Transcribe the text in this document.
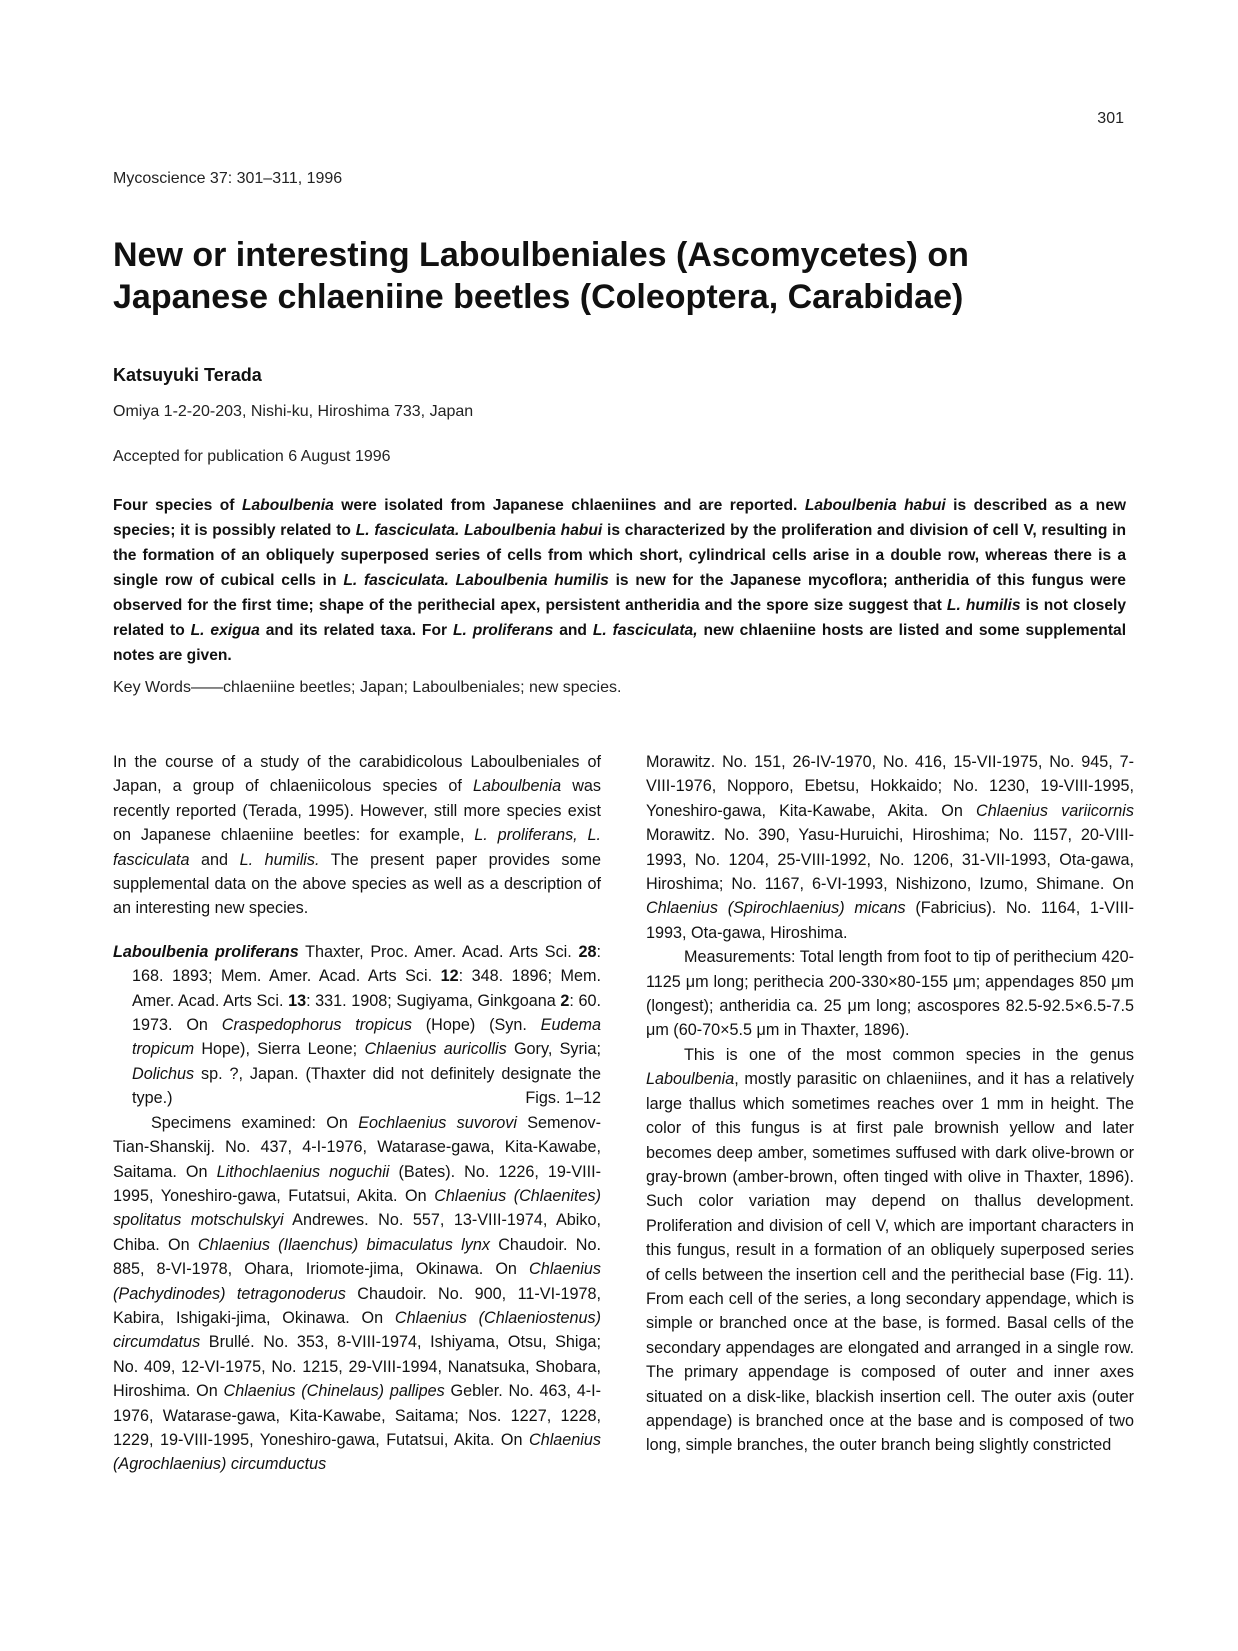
301
Mycoscience 37: 301–311, 1996
New or interesting Laboulbeniales (Ascomycetes) on Japanese chlaeniine beetles (Coleoptera, Carabidae)
Katsuyuki Terada
Omiya 1-2-20-203, Nishi-ku, Hiroshima 733, Japan
Accepted for publication 6 August 1996

Four species of Laboulbenia were isolated from Japanese chlaeniines and are reported. Laboulbenia habui is described as a new species; it is possibly related to L. fasciculata. Laboulbenia habui is characterized by the proliferation and division of cell V, resulting in the formation of an obliquely superposed series of cells from which short, cylindrical cells arise in a double row, whereas there is a single row of cubical cells in L. fasciculata. Laboulbenia humilis is new for the Japanese mycoflora; antheridia of this fungus were observed for the first time; shape of the perithecial apex, persistent antheridia and the spore size suggest that L. humilis is not closely related to L. exigua and its related taxa. For L. proliferans and L. fasciculata, new chlaeniine hosts are listed and some supplemental notes are given.

Key Words——chlaeniine beetles; Japan; Laboulbeniales; new species.

In the course of a study of the carabidicolous Laboulbeniales of Japan, a group of chlaeniicolous species of Laboulbenia was recently reported (Terada, 1995). However, still more species exist on Japanese chlaeniine beetles: for example, L. proliferans, L. fasciculata and L. humilis. The present paper provides some supplemental data on the above species as well as a description of an interesting new species.

Laboulbenia proliferans Thaxter, Proc. Amer. Acad. Arts Sci. 28: 168. 1893; Mem. Amer. Acad. Arts Sci. 12: 348. 1896; Mem. Amer. Acad. Arts Sci. 13: 331. 1908; Sugiyama, Ginkgoana 2: 60. 1973. On Craspedophorus tropicus (Hope) (Syn. Eudema tropicum Hope), Sierra Leone; Chlaenius auricollis Gory, Syria; Dolichus sp. ?, Japan. (Thaxter did not definitely designate the type.)	Figs. 1–12

Specimens examined: On Eochlaenius suvorovi Semenov-Tian-Shanskij. No. 437, 4-I-1976, Watarase-gawa, Kita-Kawabe, Saitama. On Lithochlaenius noguchii (Bates). No. 1226, 19-VIII-1995, Yoneshiro-gawa, Futatsui, Akita. On Chlaenius (Chlaenites) spolitatus motschulskyi Andrewes. No. 557, 13-VIII-1974, Abiko, Chiba. On Chlaenius (Ilaenchus) bimaculatus lynx Chaudoir. No. 885, 8-VI-1978, Ohara, Iriomote-jima, Okinawa. On Chlaenius (Pachydinodes) tetragonoderus Chaudoir. No. 900, 11-VI-1978, Kabira, Ishigaki-jima, Okinawa. On Chlaenius (Chlaeniostenus) circumdatus Brullé. No. 353, 8-VIII-1974, Ishiyama, Otsu, Shiga; No. 409, 12-VI-1975, No. 1215, 29-VIII-1994, Nanatsuka, Shobara, Hiroshima. On Chlaenius (Chinelaus) pallipes Gebler. No. 463, 4-I-1976, Watarase-gawa, Kita-Kawabe, Saitama; Nos. 1227, 1228, 1229, 19-VIII-1995, Yoneshiro-gawa, Futatsui, Akita. On Chlaenius (Agrochlaenius) circumductus

Morawitz. No. 151, 26-IV-1970, No. 416, 15-VII-1975, No. 945, 7-VIII-1976, Nopporo, Ebetsu, Hokkaido; No. 1230, 19-VIII-1995, Yoneshiro-gawa, Kita-Kawabe, Akita. On Chlaenius variicornis Morawitz. No. 390, Yasu-Huruichi, Hiroshima; No. 1157, 20-VIII-1993, No. 1204, 25-VIII-1992, No. 1206, 31-VII-1993, Ota-gawa, Hiroshima; No. 1167, 6-VI-1993, Nishizono, Izumo, Shimane. On Chlaenius (Spirochlaenius) micans (Fabricius). No. 1164, 1-VIII-1993, Ota-gawa, Hiroshima.

Measurements: Total length from foot to tip of perithecium 420-1125 μm long; perithecia 200-330×80-155 μm; appendages 850 μm (longest); antheridia ca. 25 μm long; ascospores 82.5-92.5×6.5-7.5 μm (60-70×5.5 μm in Thaxter, 1896).

This is one of the most common species in the genus Laboulbenia, mostly parasitic on chlaeniines, and it has a relatively large thallus which sometimes reaches over 1 mm in height. The color of this fungus is at first pale brownish yellow and later becomes deep amber, sometimes suffused with dark olive-brown or gray-brown (amber-brown, often tinged with olive in Thaxter, 1896). Such color variation may depend on thallus development. Proliferation and division of cell V, which are important characters in this fungus, result in a formation of an obliquely superposed series of cells between the insertion cell and the perithecial base (Fig. 11). From each cell of the series, a long secondary appendage, which is simple or branched once at the base, is formed. Basal cells of the secondary appendages are elongated and arranged in a single row. The primary appendage is composed of outer and inner axes situated on a disk-like, blackish insertion cell. The outer axis (outer appendage) is branched once at the base and is composed of two long, simple branches, the outer branch being slightly constricted
